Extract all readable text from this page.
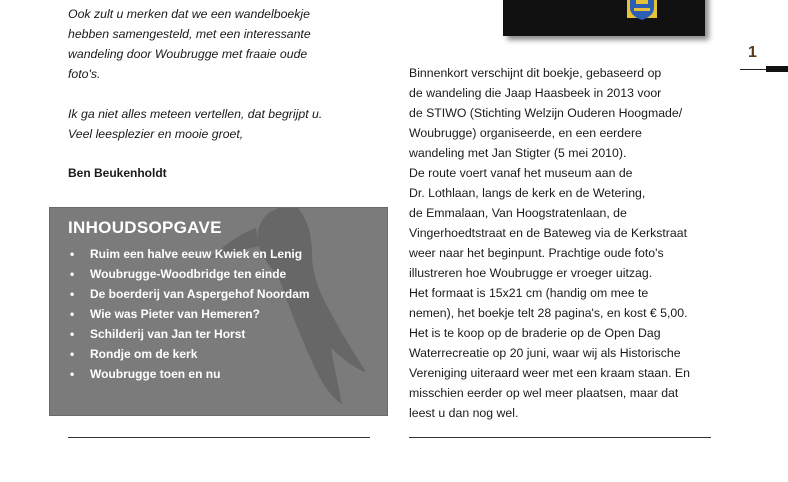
Ook zult u merken dat we een wandelboekje

hebben samengesteld, met een interessante

wandeling door Woubrugge met fraaie oude

foto's.

Ik ga niet alles meteen vertellen, dat begrijpt u.

Veel leesplezier en mooie groet,

Ben Beukenholdt
INHOUDSOPGAVE
• Ruim een halve eeuw Kwiek en Lenig
• Woubrugge-Woodbridge ten einde
• De boerderij van Aspergehof Noordam
• Wie was Pieter van Hemeren?
• Schilderij van Jan ter Horst
• Rondje om de kerk
• Woubrugge toen en nu
1

Binnenkort verschijnt dit boekje, gebaseerd op

de wandeling die Jaap Haasbeek in 2013 voor

de STIWO (Stichting Welzijn Ouderen Hoogmade/

Woubrugge) organiseerde, en een eerdere

wandeling met Jan Stigter (5 mei 2010).

De route voert vanaf het museum aan de

Dr. Lothlaan, langs de kerk en de Wetering,

de Emmalaan, Van Hoogstratenlaan, de

Vingerhoedtstraat en de Bateweg via de Kerkstraat

weer naar het beginpunt. Prachtige oude foto's

illustreren hoe Woubrugge er vroeger uitzag.

Het formaat is 15x21 cm (handig om mee te

nemen), het boekje telt 28 pagina's, en kost € 5,00.

Het is te koop op de braderie op de Open Dag

Waterrecreatie op 20 juni, waar wij als Historische

Vereniging uiteraard weer met een kraam staan. En

misschien eerder op wel meer plaatsen, maar dat

leest u dan nog wel.
